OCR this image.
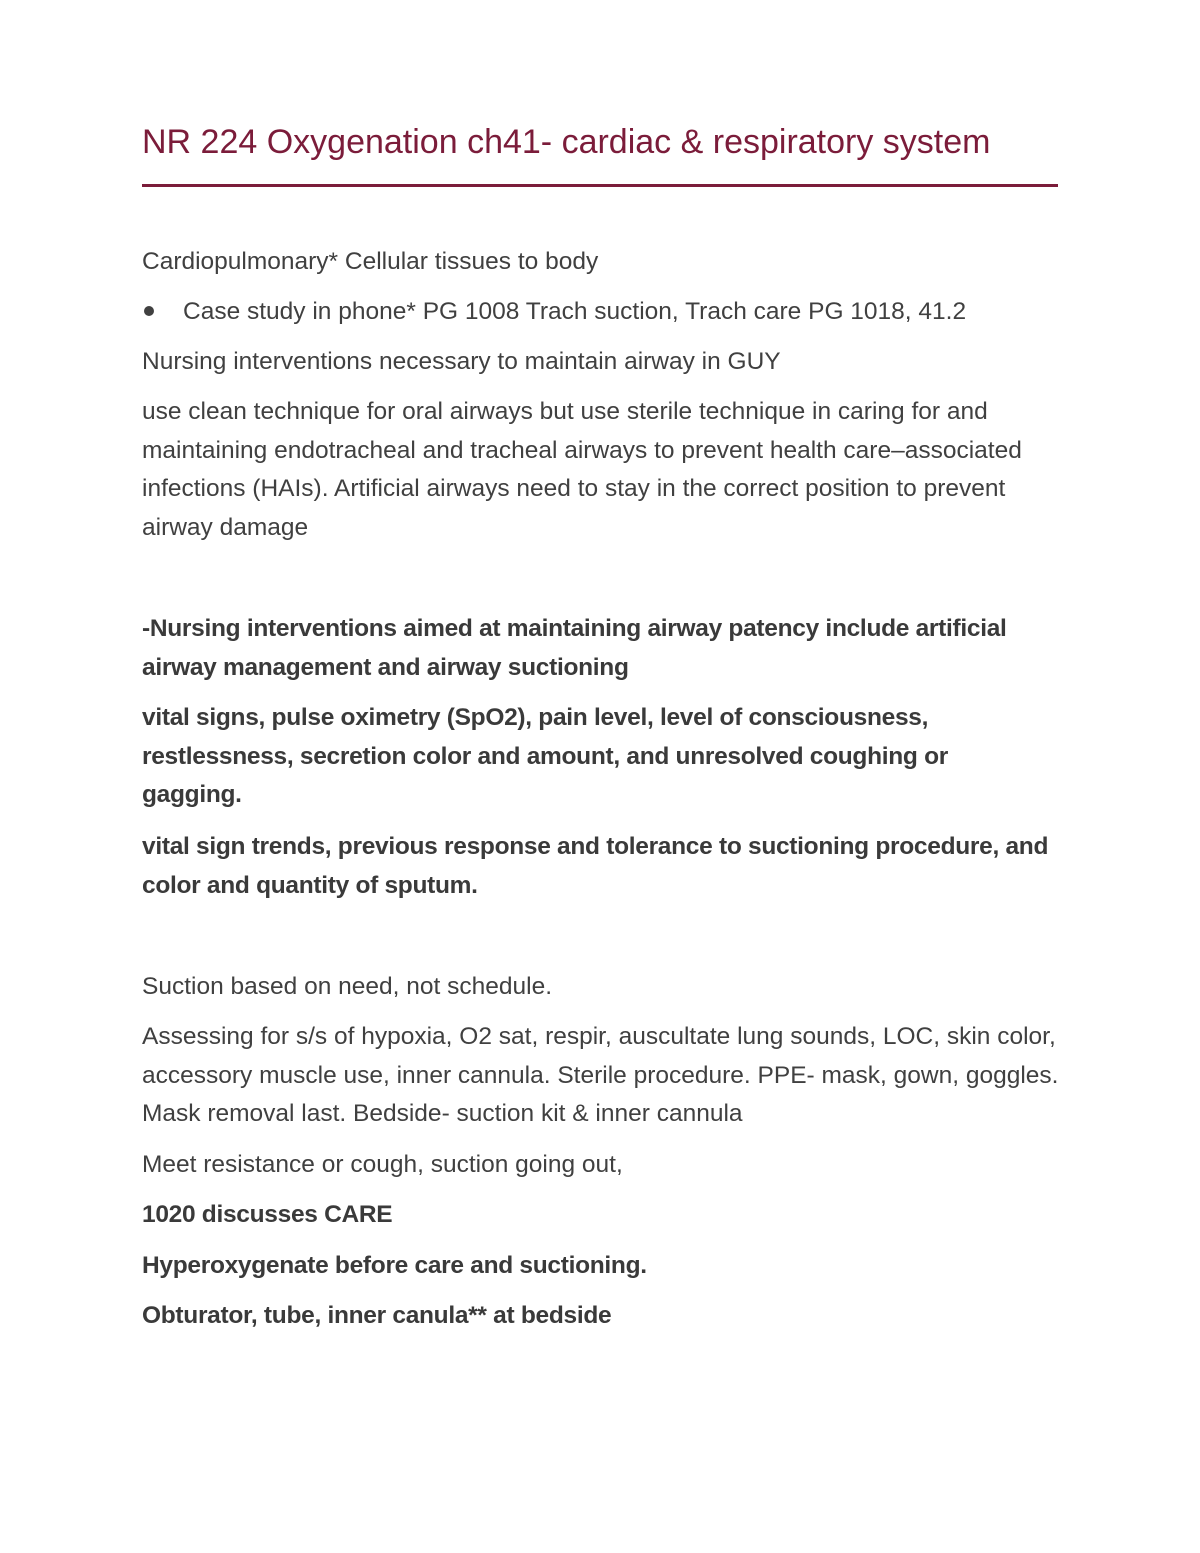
NR 224 Oxygenation ch41- cardiac & respiratory system
Cardiopulmonary* Cellular tissues to body
Case study in phone* PG 1008 Trach suction, Trach care PG 1018, 41.2
Nursing interventions necessary to maintain airway in GUY
use clean technique for oral airways but use sterile technique in caring for and maintaining endotracheal and tracheal airways to prevent health care–associated infections (HAIs). Artificial airways need to stay in the correct position to prevent airway damage
-Nursing interventions aimed at maintaining airway patency include artificial airway management and airway suctioning
vital signs, pulse oximetry (SpO2), pain level, level of consciousness, restlessness, secretion color and amount, and unresolved coughing or gagging.
vital sign trends, previous response and tolerance to suctioning procedure, and color and quantity of sputum.
Suction based on need, not schedule.
Assessing for s/s of hypoxia, O2 sat, respir, auscultate lung sounds, LOC, skin color, accessory muscle use, inner cannula. Sterile procedure. PPE- mask, gown, goggles. Mask removal last. Bedside- suction kit & inner cannula
Meet resistance or cough, suction going out,
1020 discusses CARE
Hyperoxygenate before care and suctioning.
Obturator, tube, inner canula** at bedside
